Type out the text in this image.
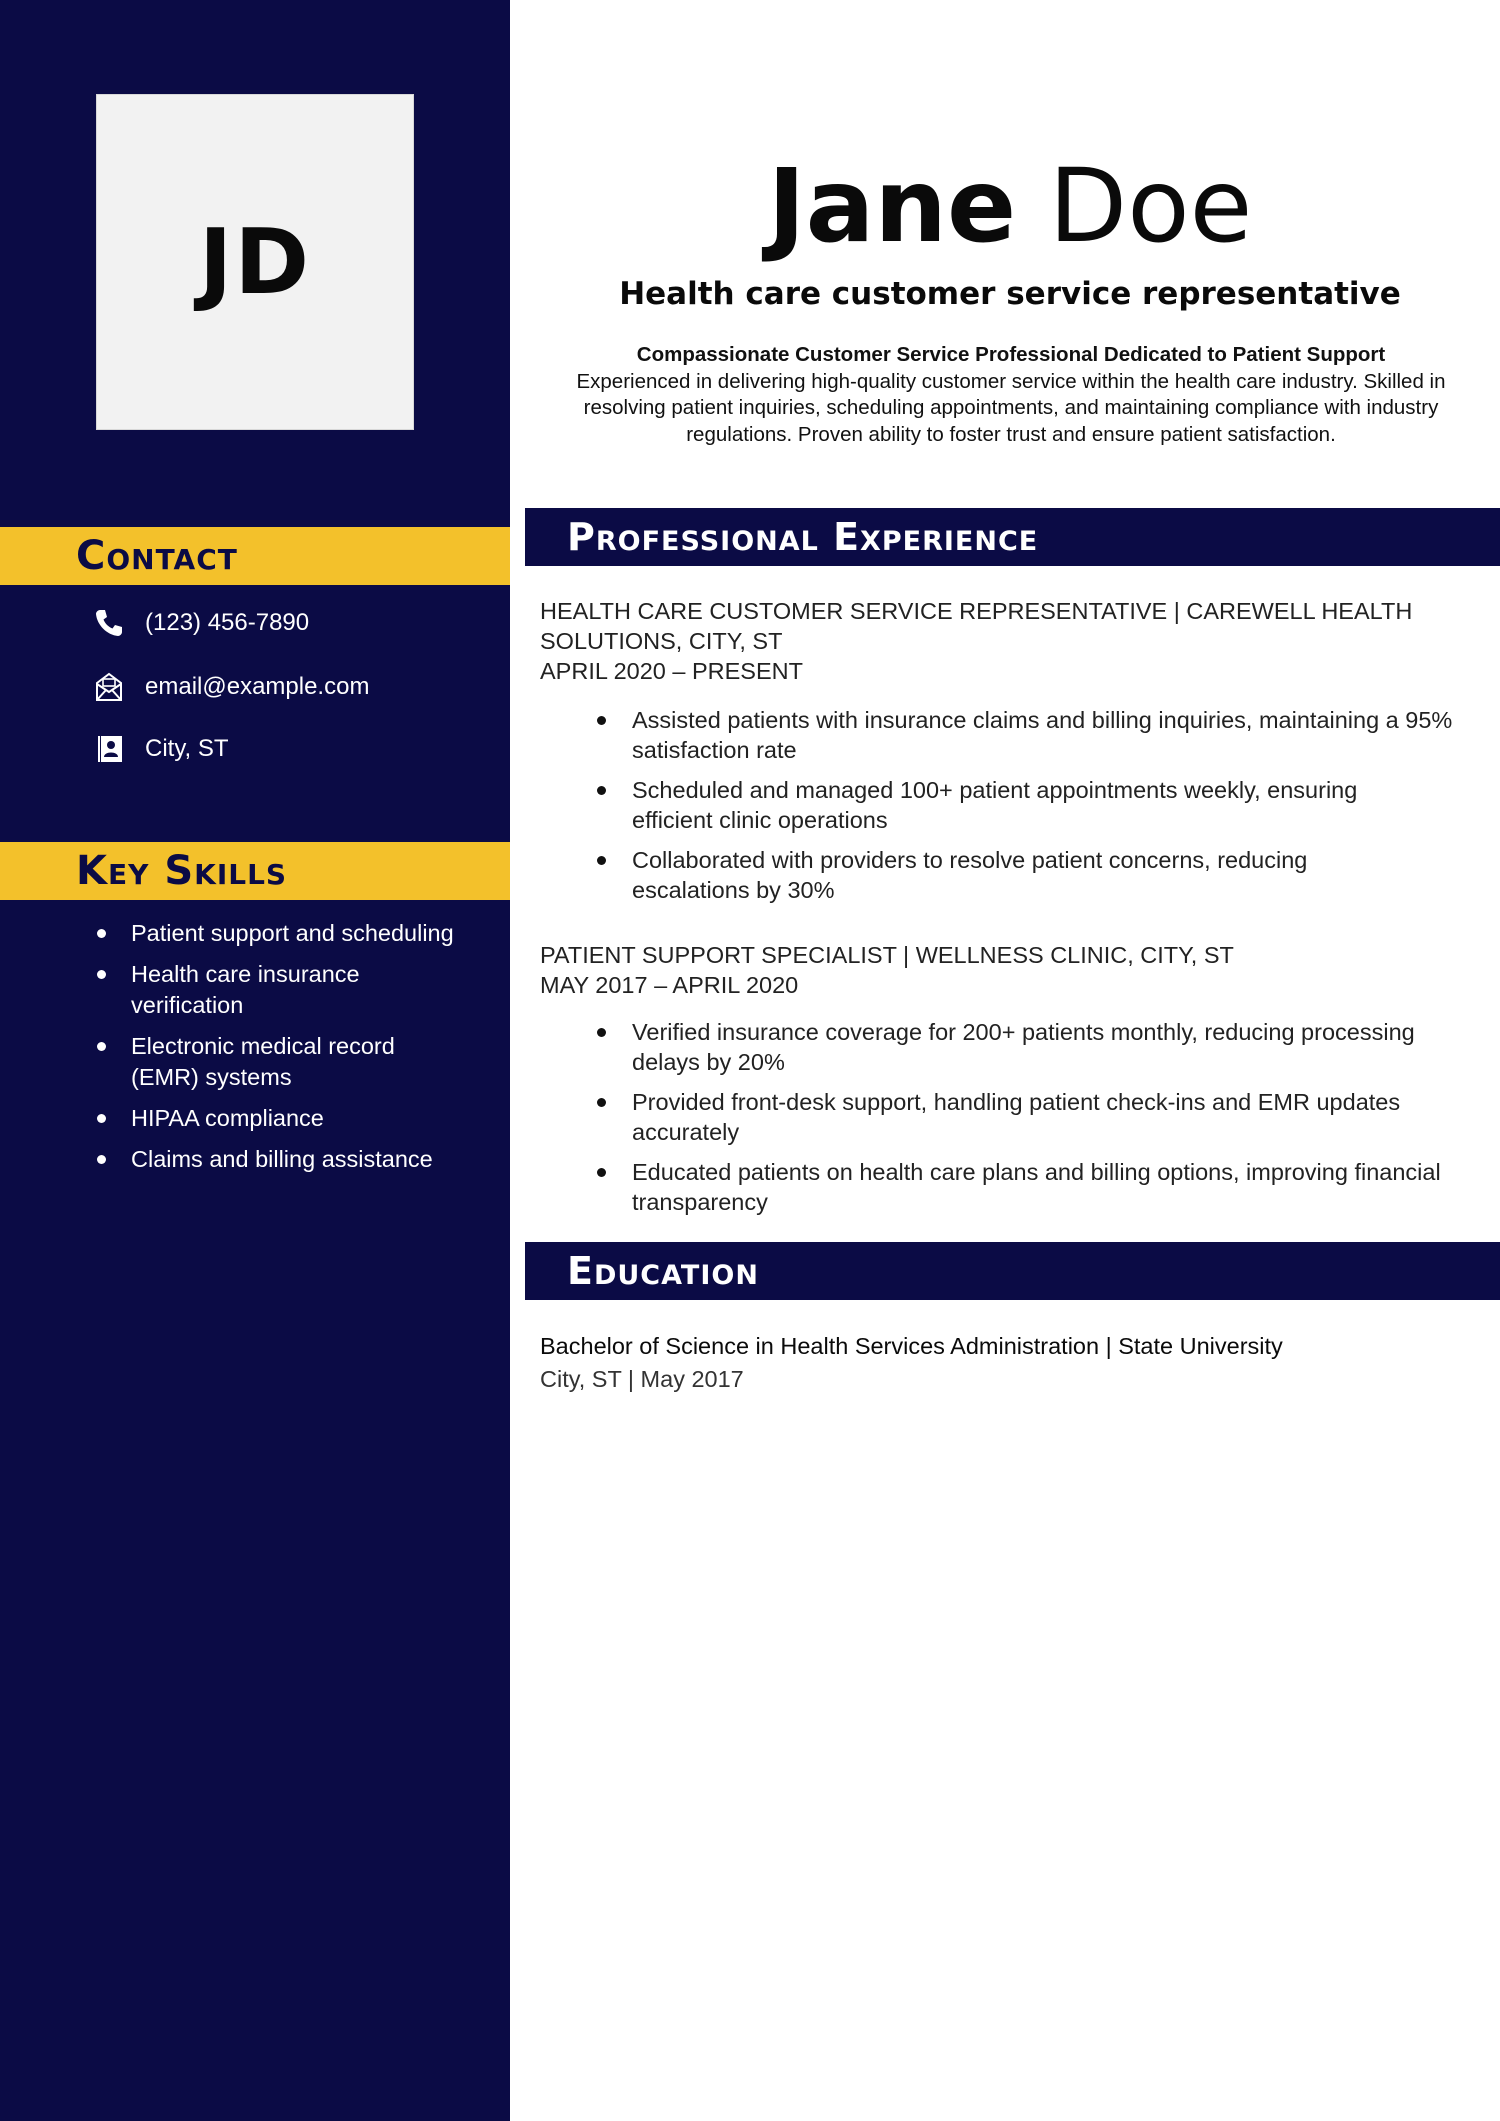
JD
Contact
(123) 456-7890
email@example.com
City, ST
Key Skills
Patient support and scheduling
Health care insurance verification
Electronic medical record (EMR) systems
HIPAA compliance
Claims and billing assistance
Jane Doe
Health care customer service representative
Compassionate Customer Service Professional Dedicated to Patient Support
Experienced in delivering high-quality customer service within the health care industry. Skilled in resolving patient inquiries, scheduling appointments, and maintaining compliance with industry regulations. Proven ability to foster trust and ensure patient satisfaction.
Professional Experience
HEALTH CARE CUSTOMER SERVICE REPRESENTATIVE | CAREWELL HEALTH SOLUTIONS, CITY, ST
APRIL 2020 – PRESENT
Assisted patients with insurance claims and billing inquiries, maintaining a 95% satisfaction rate
Scheduled and managed 100+ patient appointments weekly, ensuring efficient clinic operations
Collaborated with providers to resolve patient concerns, reducing escalations by 30%
PATIENT SUPPORT SPECIALIST | WELLNESS CLINIC, CITY, ST
MAY 2017 – APRIL 2020
Verified insurance coverage for 200+ patients monthly, reducing processing delays by 20%
Provided front-desk support, handling patient check-ins and EMR updates accurately
Educated patients on health care plans and billing options, improving financial transparency
Education
Bachelor of Science in Health Services Administration | State University
City, ST | May 2017
